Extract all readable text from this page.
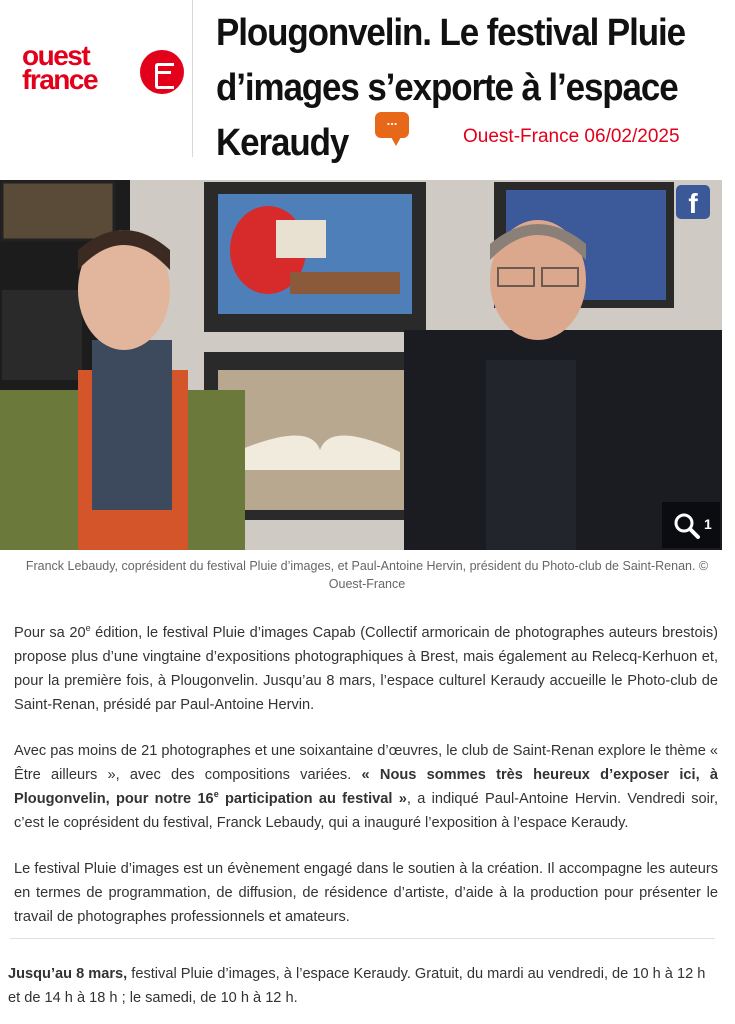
ouest
france
Plougonvelin. Le festival Pluie d’images s’exporte à l’espace Keraudy
...
Ouest-France 06/02/2025
f
1
Franck Lebaudy, coprésident du festival Pluie d’images, et Paul-Antoine Hervin, président du Photo-club de Saint-Renan. © Ouest-France

Pour sa 20e édition, le festival Pluie d’images Capab (Collectif armoricain de photographes auteurs brestois) propose plus d’une vingtaine d’expositions photographiques à Brest, mais également au Relecq-Kerhuon et, pour la première fois, à Plougonvelin. Jusqu’au 8 mars, l’espace culturel Keraudy accueille le Photo-club de Saint-Renan, présidé par Paul-Antoine Hervin.

Avec pas moins de 21 photographes et une soixantaine d’œuvres, le club de Saint-Renan explore le thème « Être ailleurs », avec des compositions variées. « Nous sommes très heureux d’exposer ici, à Plougonvelin, pour notre 16e participation au festival », a indiqué Paul-Antoine Hervin. Vendredi soir, c’est le coprésident du festival, Franck Lebaudy, qui a inauguré l’exposition à l’espace Keraudy.

Le festival Pluie d’images est un évènement engagé dans le soutien à la création. Il accompagne les auteurs en termes de programmation, de diffusion, de résidence d’artiste, d’aide à la production pour présenter le travail de photographes professionnels et amateurs.

Jusqu’au 8 mars, festival Pluie d’images, à l’espace Keraudy. Gratuit, du mardi au vendredi, de 10 h à 12 h et de 14 h à 18 h ; le samedi, de 10 h à 12 h.
